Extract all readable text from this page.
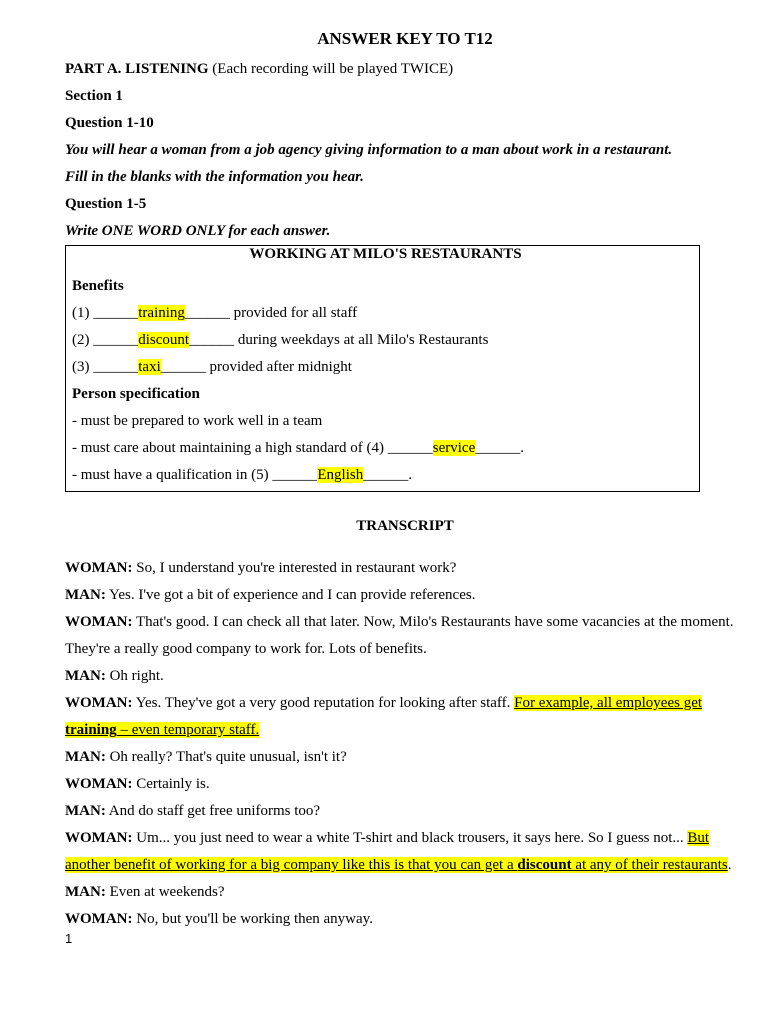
ANSWER KEY TO T12

PART A. LISTENING (Each recording will be played TWICE)

Section 1

Question 1-10

You will hear a woman from a job agency giving information to a man about work in a restaurant.

Fill in the blanks with the information you hear.

Question 1-5

Write ONE WORD ONLY for each answer.

WORKING AT MILO'S RESTAURANTS

Benefits

(1) ______training______ provided for all staff

(2) ______discount______ during weekdays at all Milo's Restaurants

(3) ______taxi______ provided after midnight

Person specification

- must be prepared to work well in a team

- must care about maintaining a high standard of (4) ______service______.

- must have a qualification in (5) ______English______.

TRANSCRIPT

WOMAN: So, I understand you're interested in restaurant work?

MAN: Yes. I've got a bit of experience and I can provide references.

WOMAN: That's good. I can check all that later. Now, Milo's Restaurants have some vacancies at the moment.

They're a really good company to work for. Lots of benefits.

MAN: Oh right.

WOMAN: Yes. They've got a very good reputation for looking after staff. For example, all employees get
training – even temporary staff.

MAN: Oh really? That's quite unusual, isn't it?

WOMAN: Certainly is.

MAN: And do staff get free uniforms too?

WOMAN: Um... you just need to wear a white T-shirt and black trousers, it says here. So I guess not... But
another benefit of working for a big company like this is that you can get a discount at any of their restaurants.

MAN: Even at weekends?

WOMAN: No, but you'll be working then anyway.

1
